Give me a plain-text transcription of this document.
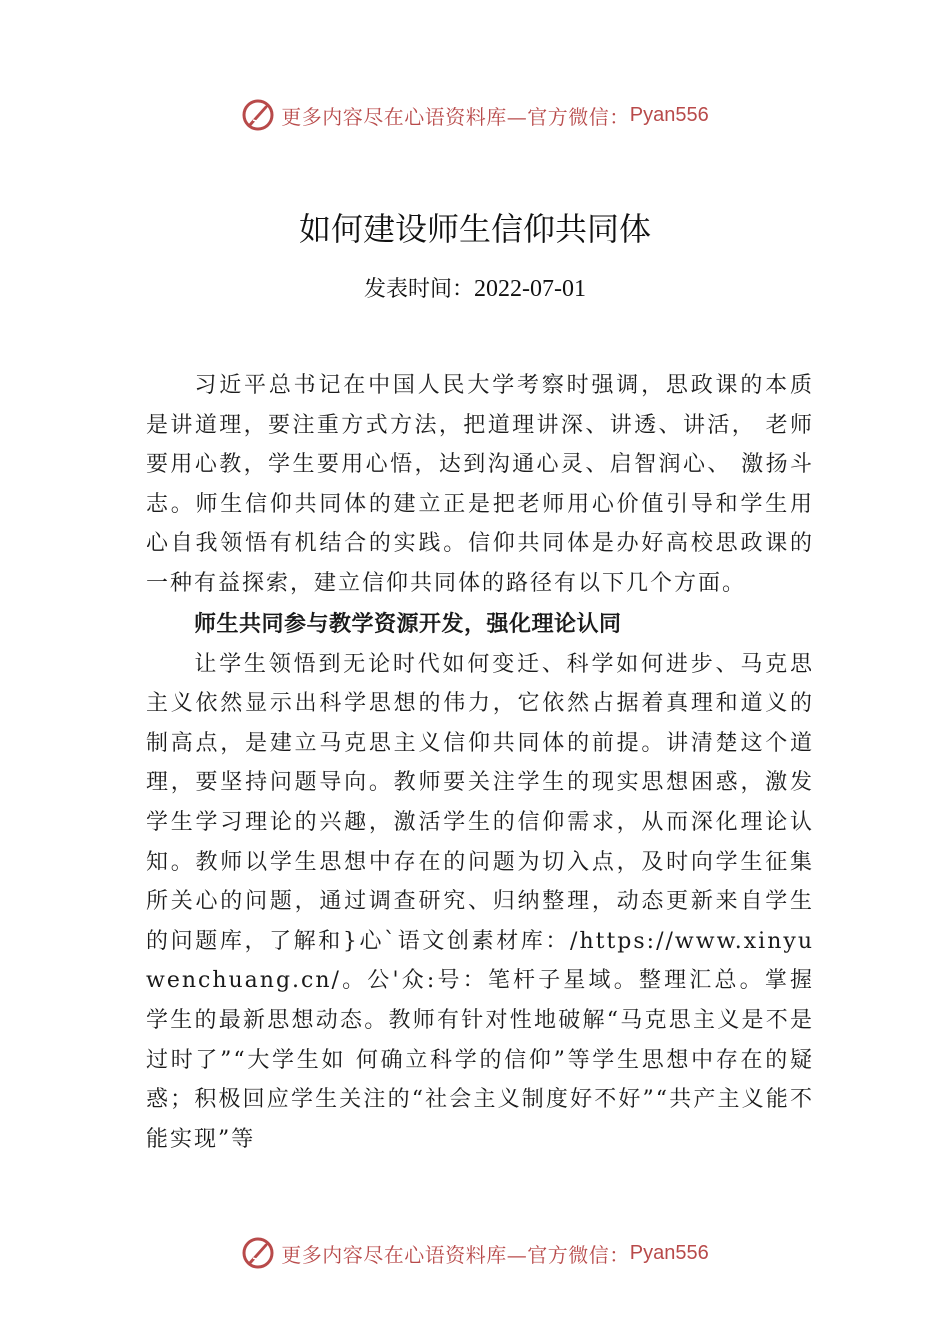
更多内容尽在心语资料库—官方微信： Pyan556
如何建设师生信仰共同体
发表时间：2022-07-01

习近平总书记在中国人民大学考察时强调，思政课的本质是讲道理，要注重方式方法，把道理讲深、讲透、讲活， 老师要用心教，学生要用心悟，达到沟通心灵、启智润心、 激扬斗志。师生信仰共同体的建立正是把老师用心价值引导和学生用心自我领悟有机结合的实践。信仰共同体是办好高校思政课的一种有益探索，建立信仰共同体的路径有以下几个方面。

师生共同参与教学资源开发，强化理论认同

让学生领悟到无论时代如何变迁、科学如何进步、马克思主义依然显示出科学思想的伟力，它依然占据着真理和道义的制高点，是建立马克思主义信仰共同体的前提。讲清楚这个道理，要坚持问题导向。教师要关注学生的现实思想困惑，激发学生学习理论的兴趣，激活学生的信仰需求，从而深化理论认知。教师以学生思想中存在的问题为切入点，及时向学生征集所关心的问题，通过调查研究、归纳整理，动态更新来自学生的问题库，了解和}心`语文创素材库：/https://www.xinyuwenchuang.cn/。公'众:号：笔杆子星域。整理汇总。掌握学生的最新思想动态。教师有针对性地破解“马克思主义是不是过时了”“大学生如 何确立科学的信仰”等学生思想中存在的疑惑；积极回应学生关注的“社会主义制度好不好”“共产主义能不能实现”等

更多内容尽在心语资料库—官方微信： Pyan556
